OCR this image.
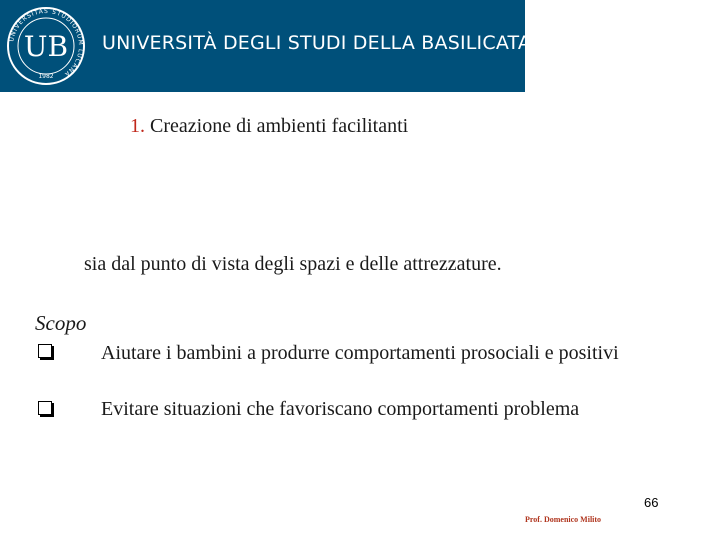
UNIVERSITAS STUDIORUM LUCANA
UB
1982
UNIVERSITÀ DEGLI STUDI DELLA BASILICATA
1. Creazione di ambienti facilitanti
sia dal punto di vista degli spazi e delle attrezzature.
Scopo
Aiutare i bambini a produrre comportamenti prosociali e positivi
Evitare situazioni che favoriscano comportamenti problema
66
Prof. Domenico Milito
